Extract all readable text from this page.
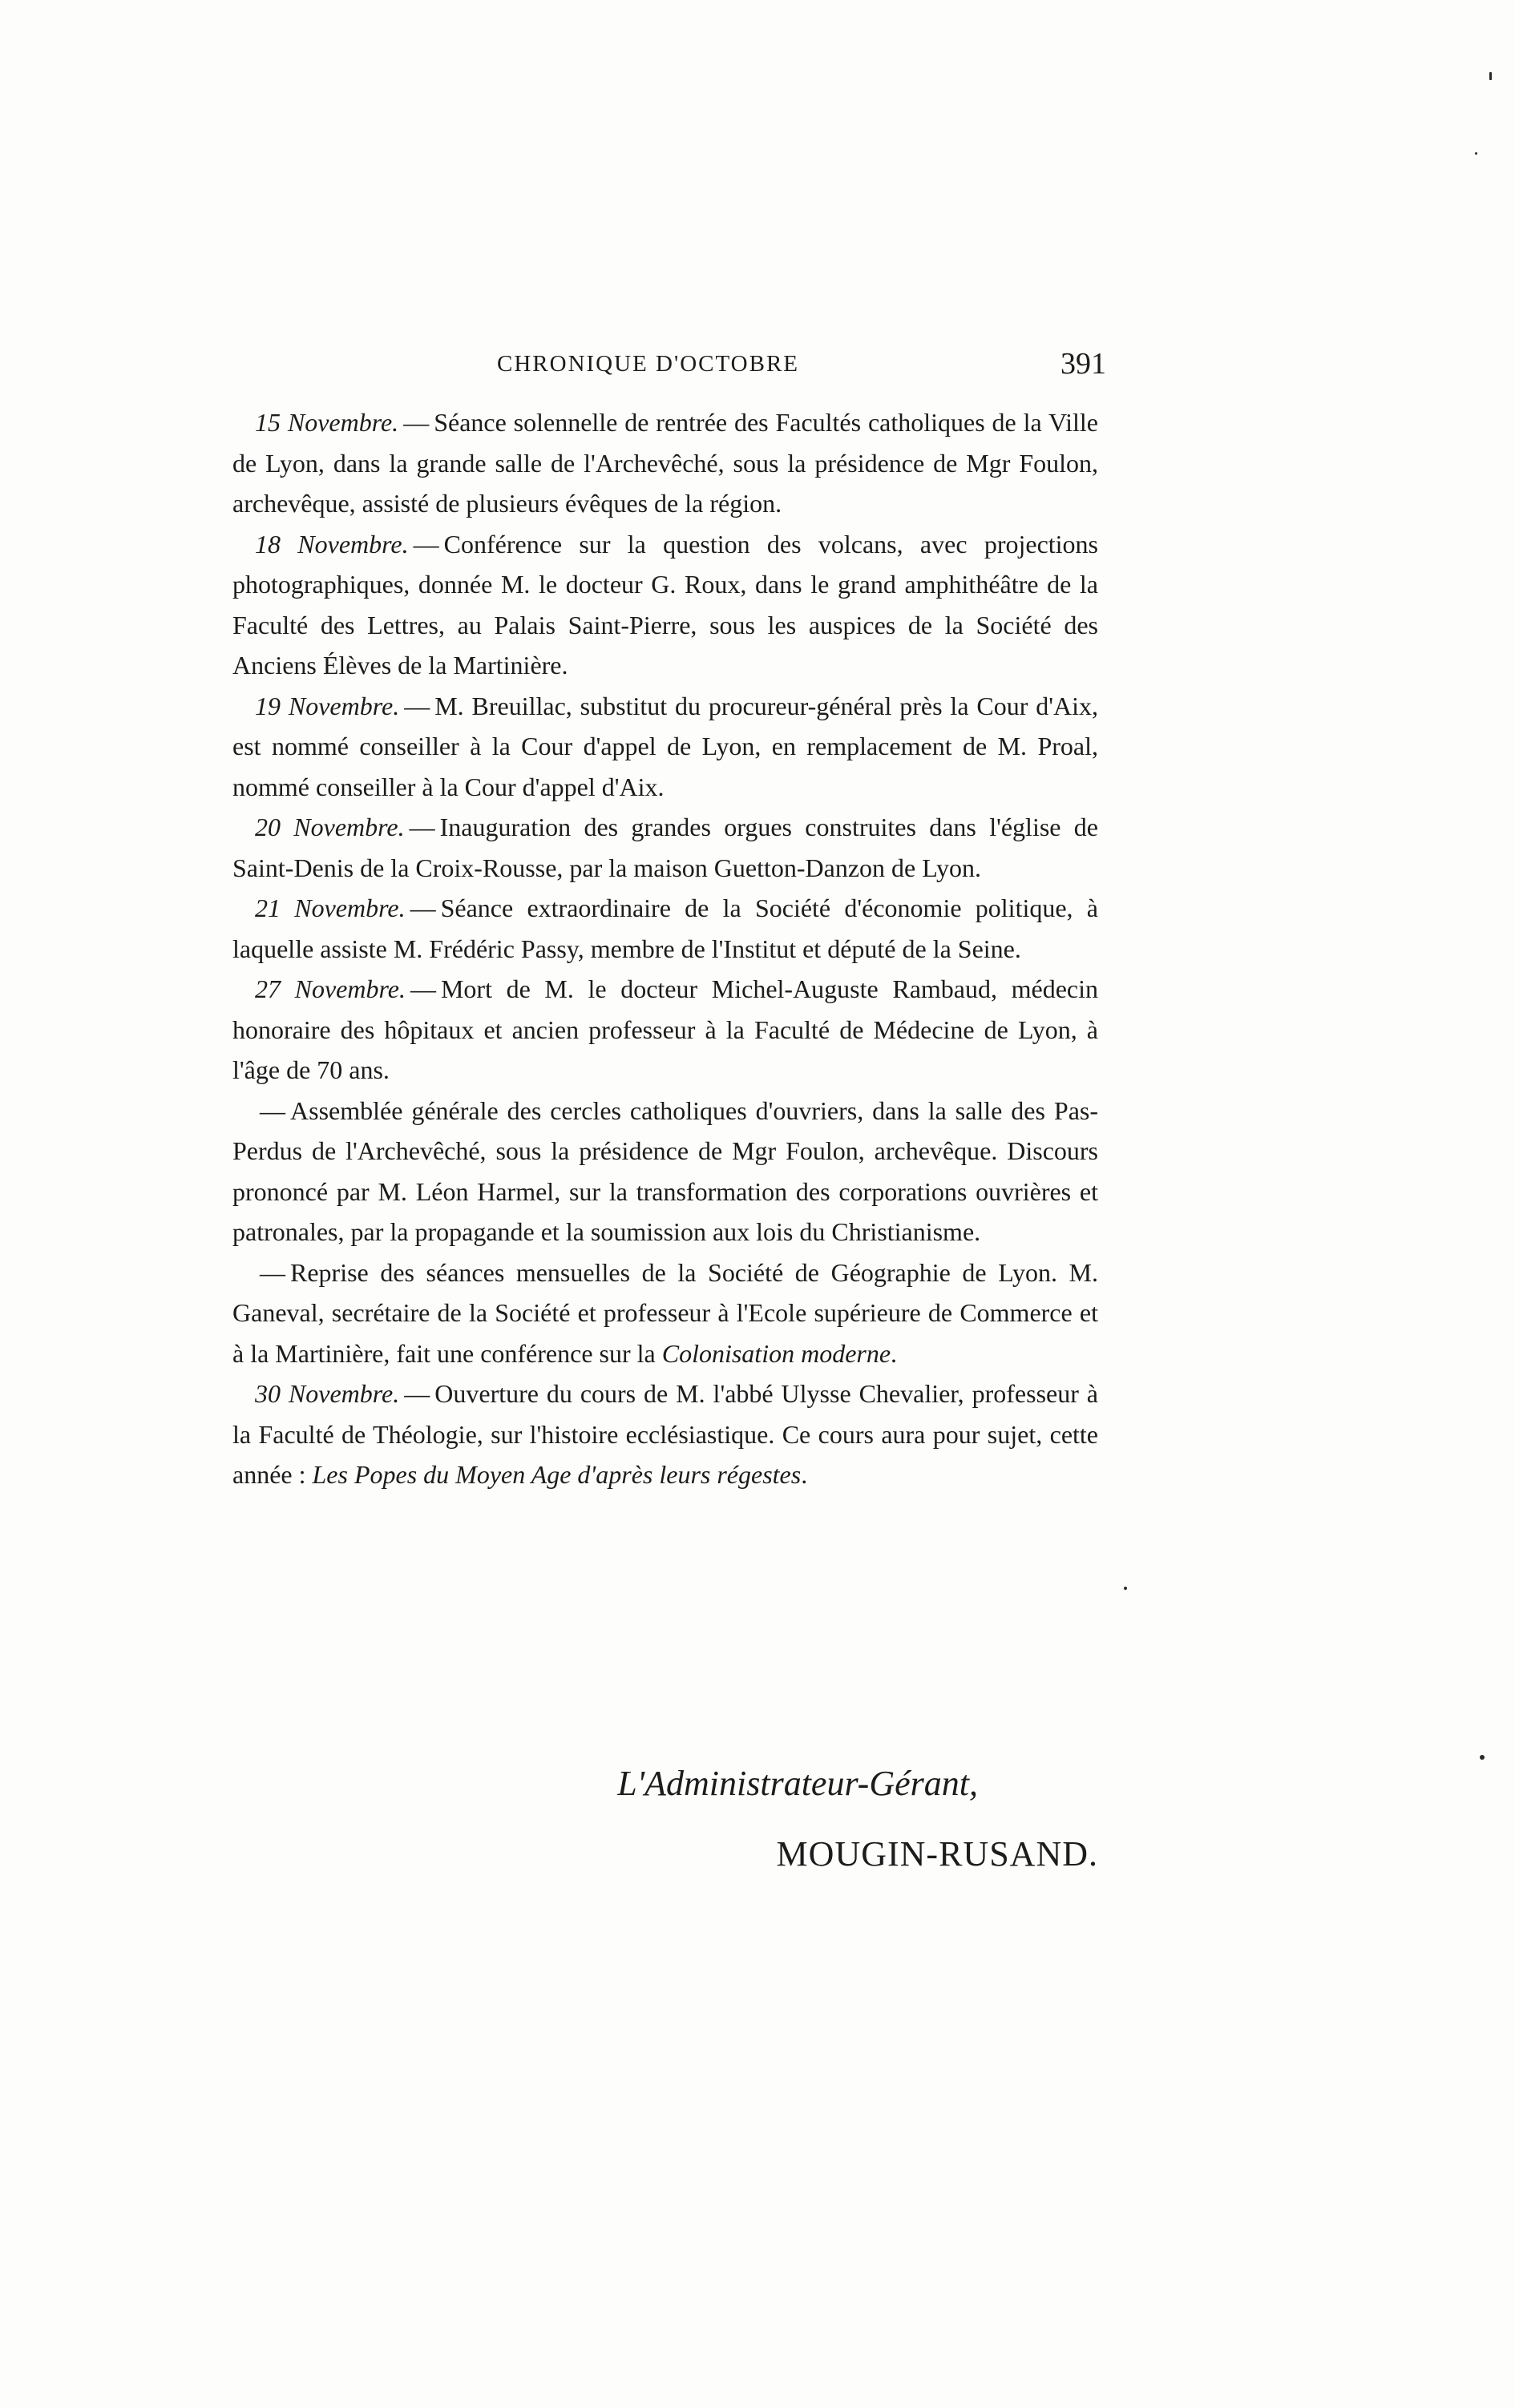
CHRONIQUE D'OCTOBRE	391

15 Novembre. — Séance solennelle de rentrée des Facultés catholiques de la Ville de Lyon, dans la grande salle de l'Archevêché, sous la présidence de Mgr Foulon, archevêque, assisté de plusieurs évêques de la région.

18 Novembre. — Conférence sur la question des volcans, avec projections photographiques, donnée M. le docteur G. Roux, dans le grand amphithéâtre de la Faculté des Lettres, au Palais Saint-Pierre, sous les auspices de la Société des Anciens Élèves de la Martinière.

19 Novembre. — M. Breuillac, substitut du procureur-général près la Cour d'Aix, est nommé conseiller à la Cour d'appel de Lyon, en remplacement de M. Proal, nommé conseiller à la Cour d'appel d'Aix.

20 Novembre. — Inauguration des grandes orgues construites dans l'église de Saint-Denis de la Croix-Rousse, par la maison Guetton-Danzon de Lyon.

21 Novembre. — Séance extraordinaire de la Société d'économie politique, à laquelle assiste M. Frédéric Passy, membre de l'Institut et député de la Seine.

27 Novembre. — Mort de M. le docteur Michel-Auguste Rambaud, médecin honoraire des hôpitaux et ancien professeur à la Faculté de Médecine de Lyon, à l'âge de 70 ans.

— Assemblée générale des cercles catholiques d'ouvriers, dans la salle des Pas-Perdus de l'Archevêché, sous la présidence de Mgr Foulon, archevêque. Discours prononcé par M. Léon Harmel, sur la transformation des corporations ouvrières et patronales, par la propagande et la soumission aux lois du Christianisme.

— Reprise des séances mensuelles de la Société de Géographie de Lyon. M. Ganeval, secrétaire de la Société et professeur à l'Ecole supérieure de Commerce et à la Martinière, fait une conférence sur la Colonisation moderne.

30 Novembre. — Ouverture du cours de M. l'abbé Ulysse Chevalier, professeur à la Faculté de Théologie, sur l'histoire ecclésiastique. Ce cours aura pour sujet, cette année : Les Popes du Moyen Age d'après leurs régestes.

L'Administrateur-Gérant,
MOUGIN-RUSAND.
